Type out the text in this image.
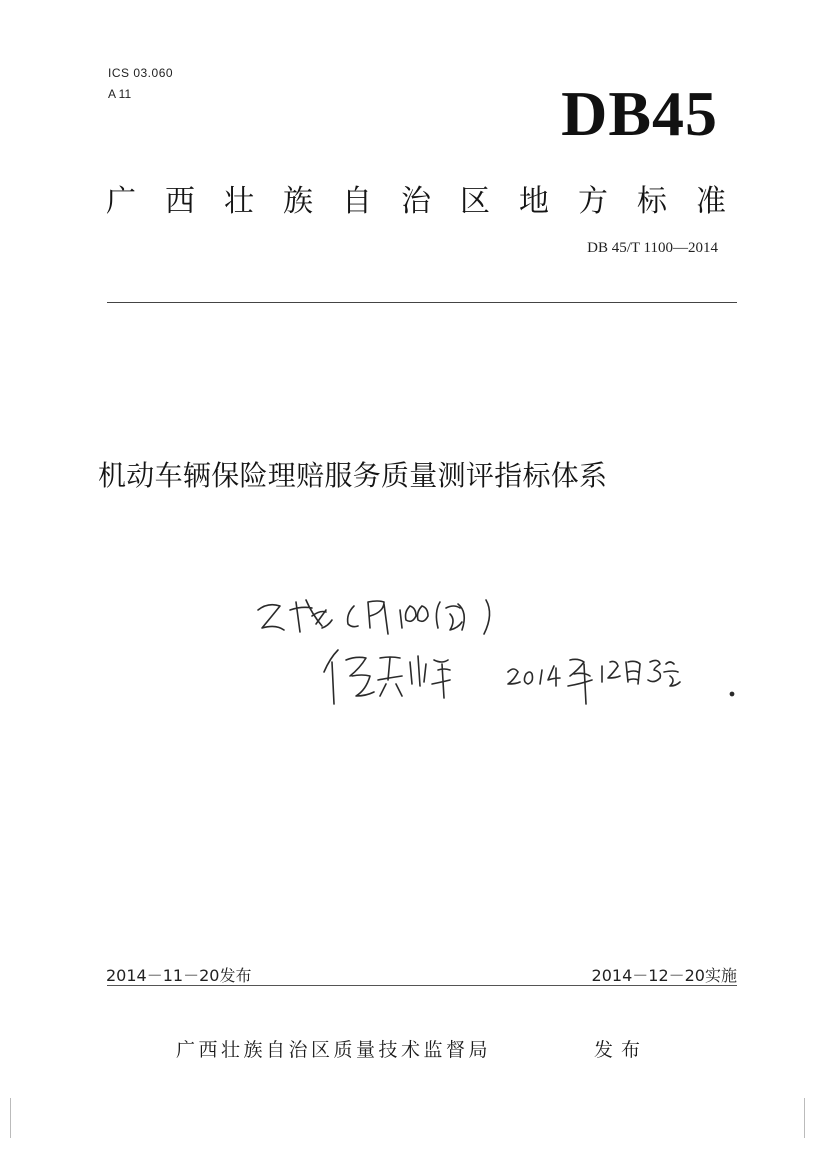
ICS 03.060
A 11	DB45
广 西 壮 族 自 治 区 地 方 标 准
DB 45/T 1100—2014
机动车辆保险理赔服务质量测评指标体系
2014－11－20发布	2014－12－20实施
广西壮族自治区质量技术监督局	发布
